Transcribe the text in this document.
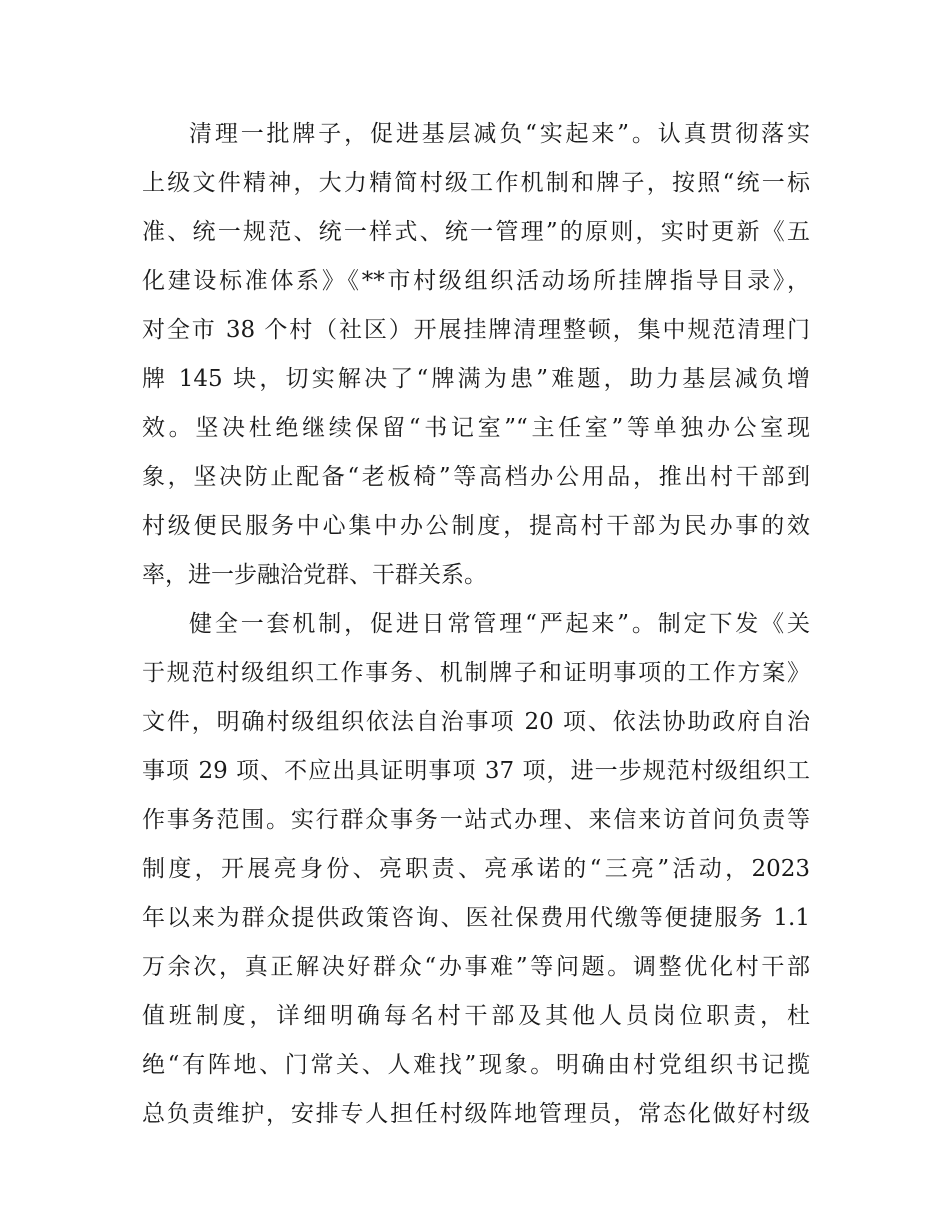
清理一批牌子，促进基层减负“实起来”。认真贯彻落实

上级文件精神，大力精简村级工作机制和牌子，按照“统一标

准、统一规范、统一样式、统一管理”的原则，实时更新《五

化建设标准体系》《**市村级组织活动场所挂牌指导目录》，

对全市 38 个村（社区）开展挂牌清理整顿，集中规范清理门

牌 145 块，切实解决了“牌满为患”难题，助力基层减负增

效。坚决杜绝继续保留“书记室”“主任室”等单独办公室现

象，坚决防止配备“老板椅”等高档办公用品，推出村干部到

村级便民服务中心集中办公制度，提高村干部为民办事的效

率，进一步融洽党群、干群关系。

健全一套机制，促进日常管理“严起来”。制定下发《关

于规范村级组织工作事务、机制牌子和证明事项的工作方案》

文件，明确村级组织依法自治事项 20 项、依法协助政府自治

事项 29 项、不应出具证明事项 37 项，进一步规范村级组织工

作事务范围。实行群众事务一站式办理、来信来访首问负责等

制度，开展亮身份、亮职责、亮承诺的“三亮”活动，2023

年以来为群众提供政策咨询、医社保费用代缴等便捷服务 1.1

万余次，真正解决好群众“办事难”等问题。调整优化村干部

值班制度，详细明确每名村干部及其他人员岗位职责，杜

绝“有阵地、门常关、人难找”现象。明确由村党组织书记揽

总负责维护，安排专人担任村级阵地管理员，常态化做好村级
